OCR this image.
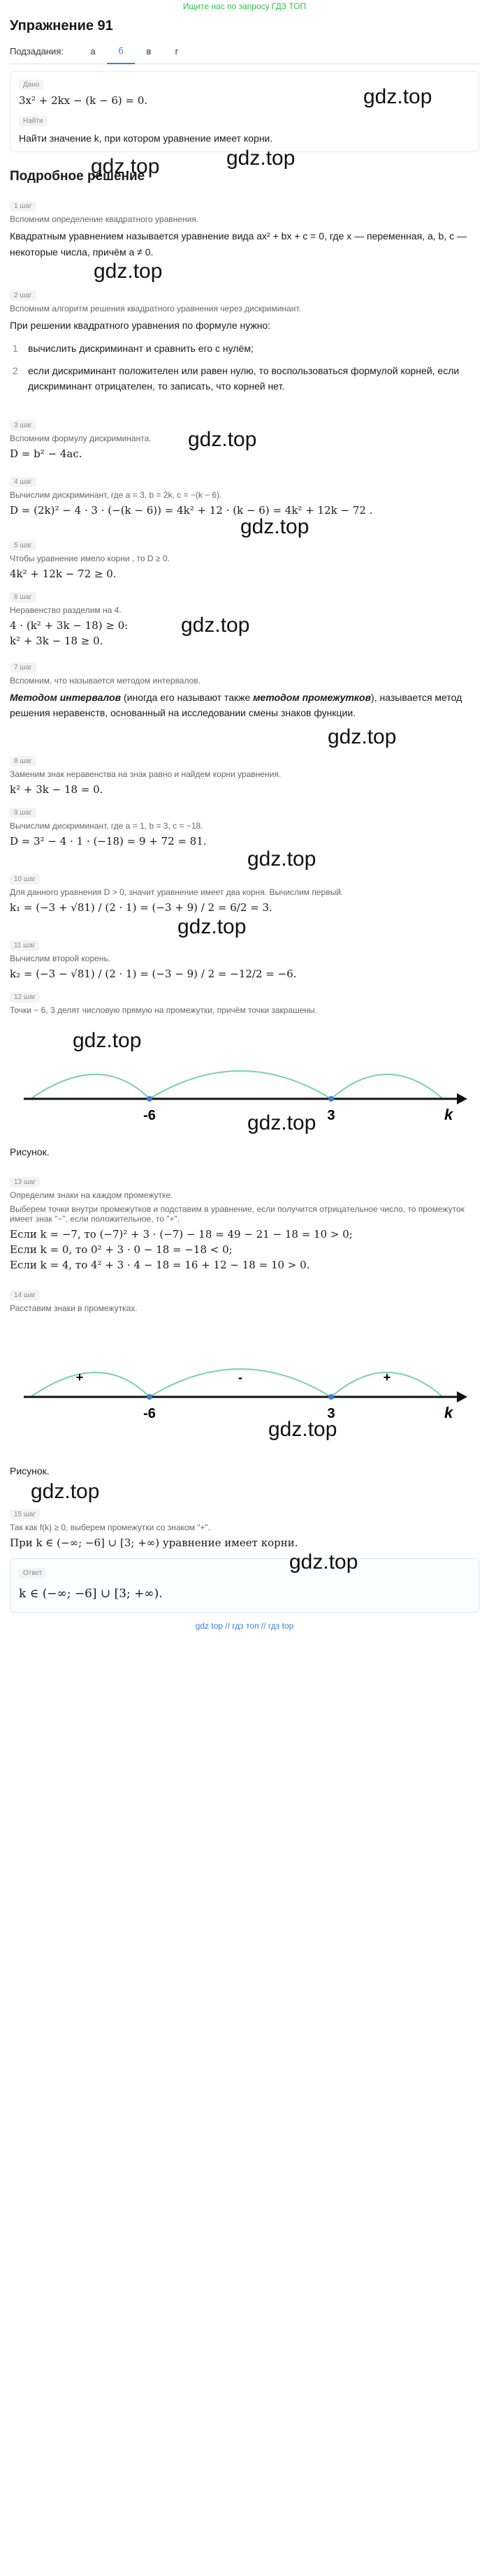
Ищите нас по запросу ГДЗ ТОП
Упражнение 91
Подзадания:	а	б	в	г
Дано
3x² + 2kx − (k − 6) = 0.
Найти
Найти значение k, при котором уравнение имеет корни.
gdz.top
gdz.top
Подробное решение
gdz.top
1 шаг
Вспомним определение квадратного уравнения.
Квадратным уравнением называется уравнение вида ax² + bx + c = 0, где x — переменная, a, b, c — некоторые числа, причём a ≠ 0.
gdz.top
2 шаг
Вспомним алгоритм решения квадратного уравнения через дискриминант.
При решении квадратного уравнения по формуле нужно:
1 вычислить дискриминант и сравнить его с нулём;
2 если дискриминант положителен или равен нулю, то воспользоваться формулой корней, если дискриминант отрицателен, то записать, что корней нет.
3 шаг
Вспомним формулу дискриминанта.
D = b² − 4ac.
gdz.top
4 шаг
Вычислим дискриминант, где a = 3, b = 2k, c = −(k − 6).
D = (2k)² − 4 · 3 · (−(k − 6)) = 4k² + 12 · (k − 6) = 4k² + 12k − 72 .
gdz.top
5 шаг
Чтобы уравнение имело корни , то D ≥ 0.
4k² + 12k − 72 ≥ 0.
6 шаг
Неравенство разделим на 4.
4 · (k² + 3k − 18) ≥ 0:
k² + 3k − 18 ≥ 0.
gdz.top
7 шаг
Вспомним, что называется методом интервалов.
Методом интервалов (иногда его называют также методом промежутков), называется метод решения неравенств, основанный на исследовании смены знаков функции.
gdz.top
8 шаг
Заменим знак неравенства на знак равно и найдем корни уравнения.
k² + 3k − 18 = 0.
9 шаг
Вычислим дискриминант, где a = 1, b = 3, c = −18.
D = 3² − 4 · 1 · (−18) = 9 + 72 = 81.
gdz.top
10 шаг
Для данного уравнения D > 0, значит уравнение имеет два корня. Вычислим первый.
k₁ = (−3 + √81) / (2 · 1) = (−3 + 9) / 2 = 6/2 = 3.
gdz.top
11 шаг
Вычислим второй корень.
k₂ = (−3 − √81) / (2 · 1) = (−3 − 9) / 2 = −12/2 = −6.
12 шаг
Точки − 6, 3 делят числовую прямую на промежутки, причём точки закрашены.
gdz.top
-6	3	k
gdz.top
Рисунок.
13 шаг
Определим знаки на каждом промежутке.
Выберем точки внутри промежутков и подставим в уравнение, если получится отрицательное число, то промежуток имеет знак "−", если положительное, то "+".
Если k = −7, то (−7)² + 3 · (−7) − 18 = 49 − 21 − 18 = 10 > 0;
Если k = 0, то 0² + 3 · 0 − 18 = −18 < 0;
Если k = 4, то 4² + 3 · 4 − 18 = 16 + 12 − 18 = 10 > 0.
14 шаг
Расставим знаки в промежутках.
+	-	+
-6	3	k
gdz.top
Рисунок.
gdz.top
15 шаг
Так как f(k) ≥ 0, выберем промежутки со знаком "+".
При k ∈ (−∞; −6] ∪ [3; +∞) уравнение имеет корни.
gdz.top
Ответ
k ∈ (−∞; −6] ∪ [3; +∞).
gdz top // гдз топ // гдз top
